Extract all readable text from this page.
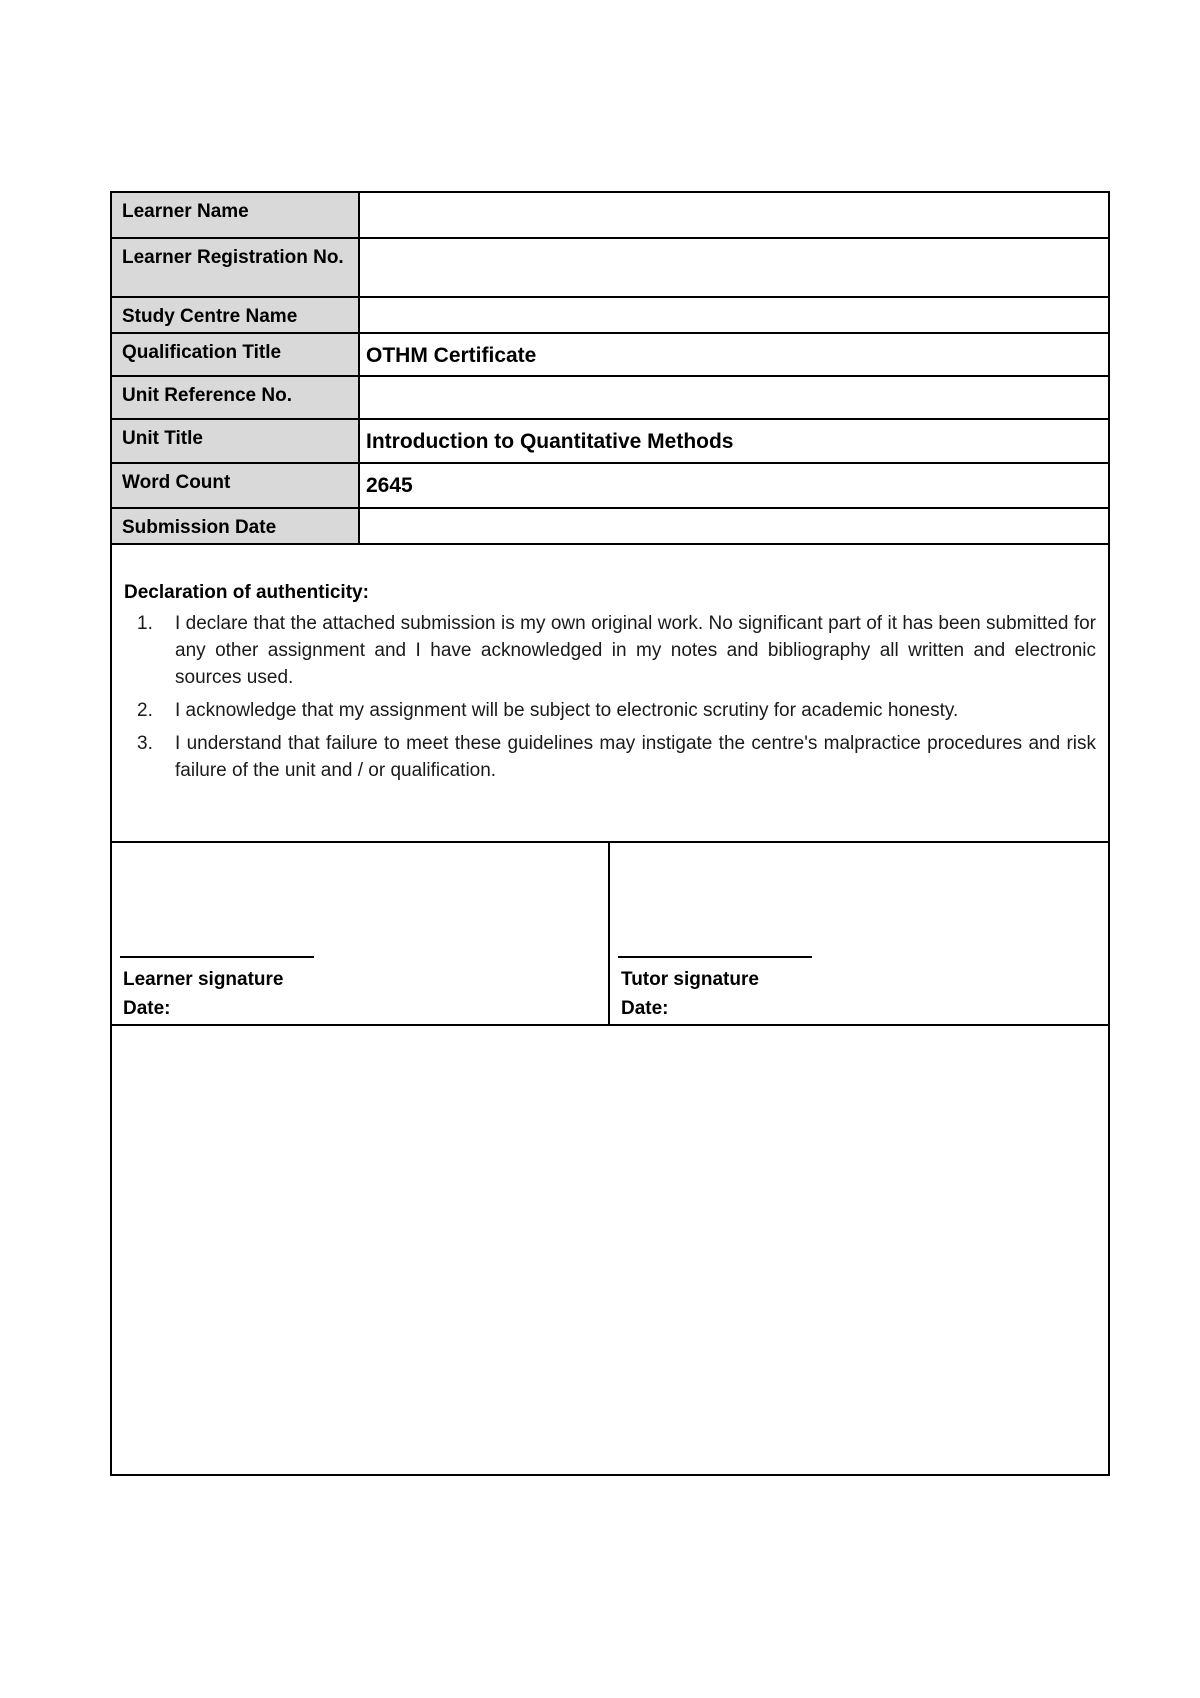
Learner Name	
Learner Registration No.	
Study Centre Name	
Qualification Title	OTHM Certificate
Unit Reference No.	
Unit Title	Introduction to Quantitative Methods
Word Count	2645
Submission Date	
Declaration of authenticity:
1. I declare that the attached submission is my own original work. No significant part of it has been submitted for any other assignment and I have acknowledged in my notes and bibliography all written and electronic sources used.
2. I acknowledge that my assignment will be subject to electronic scrutiny for academic honesty.
3. I understand that failure to meet these guidelines may instigate the centre's malpractice procedures and risk failure of the unit and / or qualification.
Learner signature
Date:
Tutor signature
Date:
